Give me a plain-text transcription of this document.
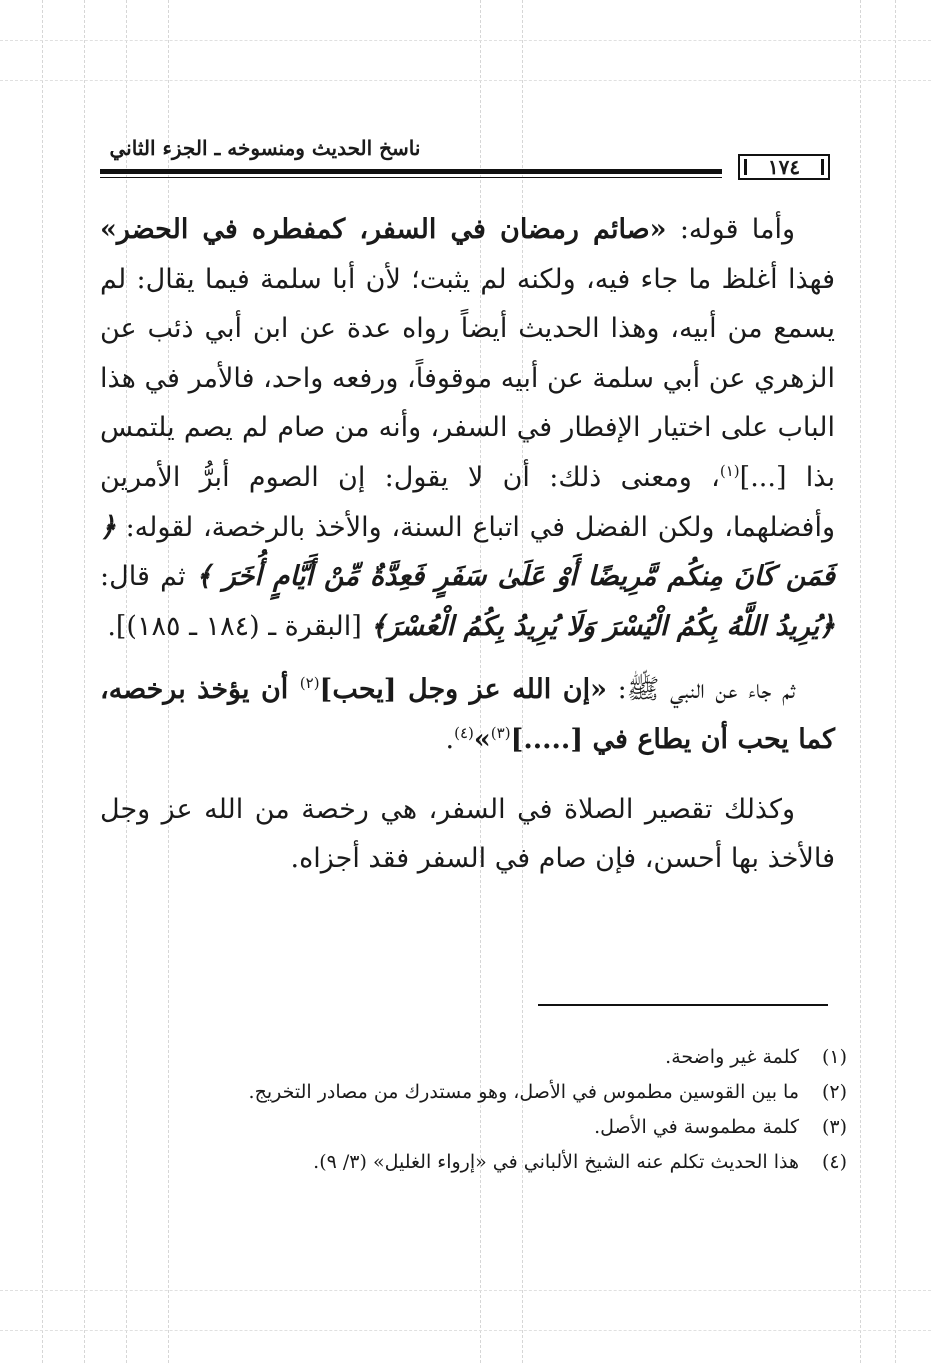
ناسخ الحديث ومنسوخه ـ الجزء الثاني
١٧٤

وأما قوله: «صائم رمضان في السفر، كمفطره في الحضر» فهذا أغلظ ما جاء فيه، ولكنه لم يثبت؛ لأن أبا سلمة فيما يقال: لم يسمع من أبيه، وهذا الحديث أيضاً رواه عدة عن ابن أبي ذئب عن الزهري عن أبي سلمة عن أبيه موقوفاً، ورفعه واحد، فالأمر في هذا الباب على اختيار الإفطار في السفر، وأنه من صام لم يصم يلتمس بذا [...]$^{(١)}$، ومعنى ذلك: أن لا يقول: إن الصوم أبرُّ الأمرين وأفضلهما، ولكن الفضل في اتباع السنة، والأخذ بالرخصة، لقوله: ﴿ فَمَن كَانَ مِنكُم مَّرِيضًا أَوْ عَلَىٰ سَفَرٍ فَعِدَّةٌ مِّنْ أَيَّامٍ أُخَرَ ﴾ ثم قال: ﴿يُرِيدُ اللَّهُ بِكُمُ الْيُسْرَ وَلَا يُرِيدُ بِكُمُ الْعُسْرَ﴾ [البقرة ـ (١٨٤ ـ ١٨٥)].

ثم جاء عن النبي ﷺ: «إن الله عز وجل [يحب]$^{(٢)}$ أن يؤخذ برخصه، كما يحب أن يطاع في [.....]$^{(٣)}$»$^{(٤)}$.

وكذلك تقصير الصلاة في السفر، هي رخصة من الله عز وجل فالأخذ بها أحسن، فإن صام في السفر فقد أجزاه.

(١)
كلمة غير واضحة.
(٢)
ما بين القوسين مطموس في الأصل، وهو مستدرك من مصادر التخريج.
(٣)
كلمة مطموسة في الأصل.
(٤)
هذا الحديث تكلم عنه الشيخ الألباني في «إرواء الغليل» (٣/ ٩).
